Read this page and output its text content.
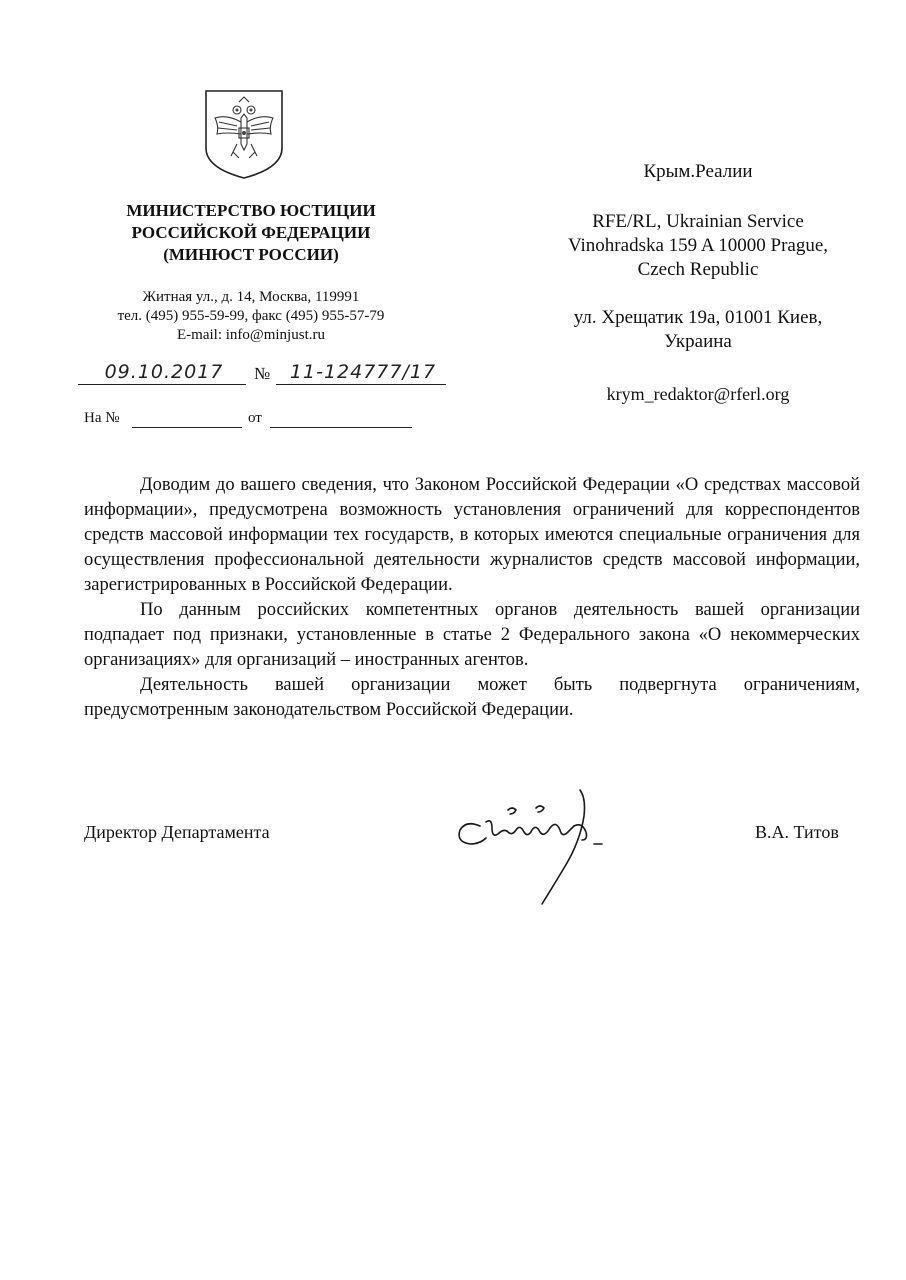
МИНИСТЕРСТВО ЮСТИЦИИ
РОССИЙСКОЙ ФЕДЕРАЦИИ
(МИНЮСТ РОССИИ)
Житная ул., д. 14, Москва, 119991
тел. (495) 955-59-99, факс (495) 955-57-79
E-mail: info@minjust.ru
09.10.2017	№	11-124777/17
На №	от
Крым.Реалии
RFE/RL, Ukrainian Service
Vinohradska 159 A 10000 Prague,
Czech Republic
ул. Хрещатик 19а, 01001 Киев,
Украина
krym_redaktor@rferl.org

Доводим до вашего сведения, что Законом Российской Федерации «О средствах массовой информации», предусмотрена возможность установления ограничений для корреспондентов средств массовой информации тех государств, в которых имеются специальные ограничения для осуществления профессиональной деятельности журналистов средств массовой информации, зарегистрированных в Российской Федерации.

По данным российских компетентных органов деятельность вашей организации подпадает под признаки, установленные в статье 2 Федерального закона «О некоммерческих организациях» для организаций – иностранных агентов.

Деятельность вашей организации может быть подвергнута ограничениям, предусмотренным законодательством Российской Федерации.

Директор Департамента	В.А. Титов
